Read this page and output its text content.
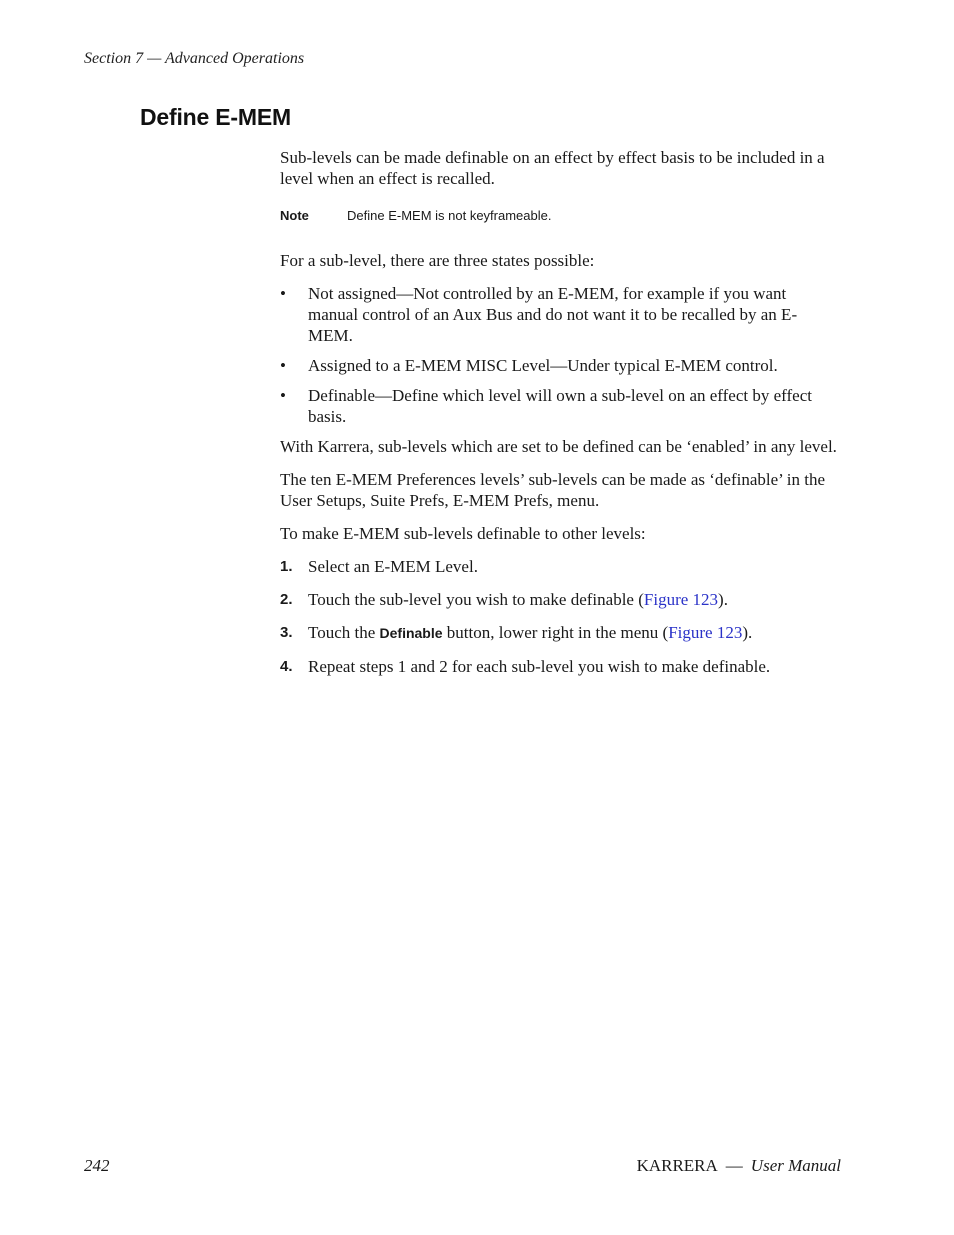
Section 7 — Advanced Operations
Define E-MEM

Sub-levels can be made definable on an effect by effect basis to be included in a level when an effect is recalled.

Note	Define E-MEM is not keyframeable.

For a sub-level, there are three states possible:

• Not assigned—Not controlled by an E-MEM, for example if you want manual control of an Aux Bus and do not want it to be recalled by an E-MEM.
• Assigned to a E-MEM MISC Level—Under typical E-MEM control.
• Definable—Define which level will own a sub-level on an effect by effect basis.

With Karrera, sub-levels which are set to be defined can be ‘enabled’ in any level.

The ten E-MEM Preferences levels’ sub-levels can be made as ‘definable’ in the User Setups, Suite Prefs, E-MEM Prefs, menu.

To make E-MEM sub-levels definable to other levels:

1. Select an E-MEM Level.
2. Touch the sub-level you wish to make definable (Figure 123).
3. Touch the Definable button, lower right in the menu (Figure 123).
4. Repeat steps 1 and 2 for each sub-level you wish to make definable.
242	KARRERA — User Manual
